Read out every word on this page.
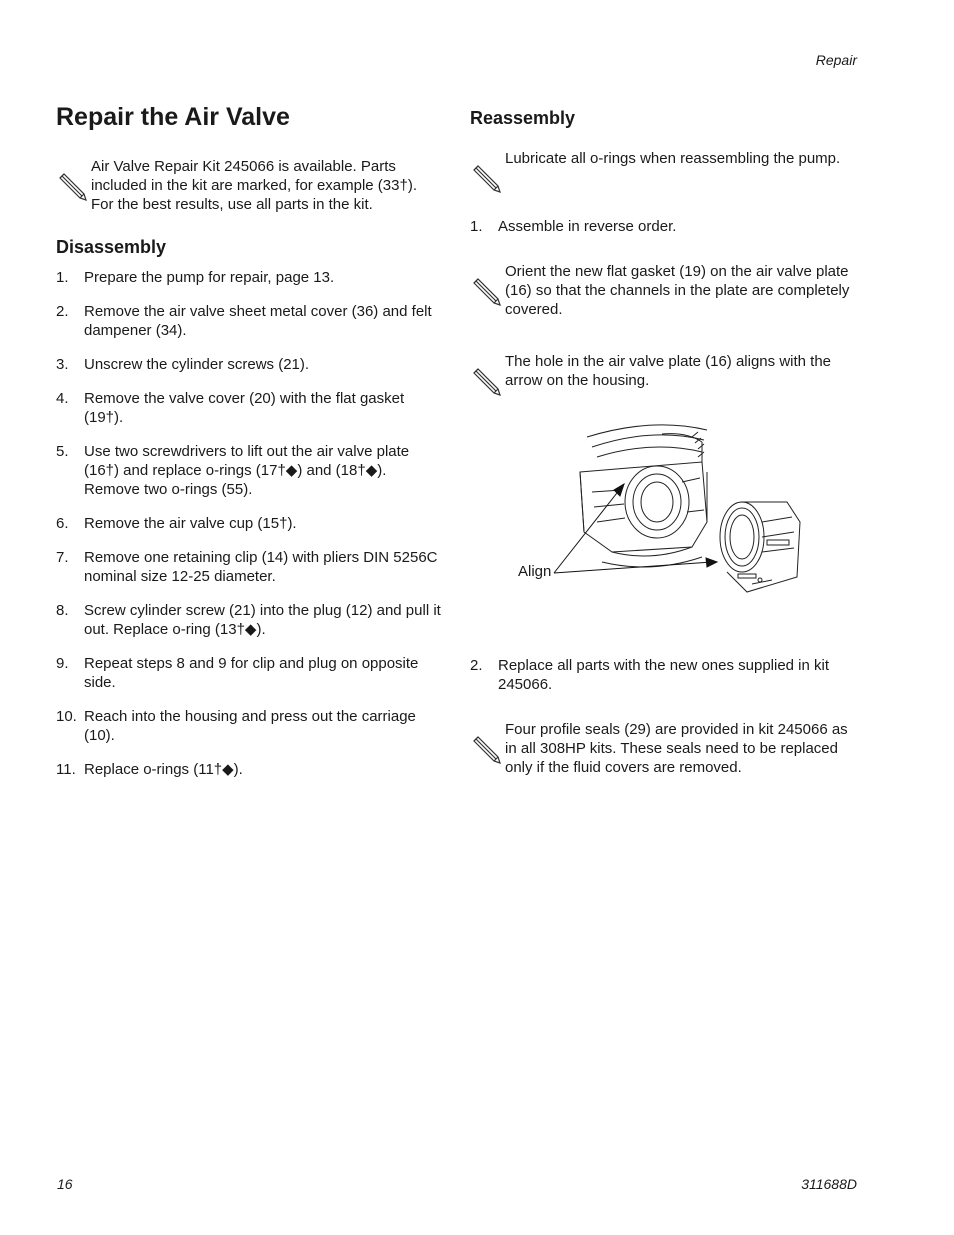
Repair
Repair the Air Valve
Air Valve Repair Kit 245066 is available. Parts included in the kit are marked, for example (33†). For the best results, use all parts in the kit.
Disassembly
1. Prepare the pump for repair, page 13.
2. Remove the air valve sheet metal cover (36) and felt dampener (34).
3. Unscrew the cylinder screws (21).
4. Remove the valve cover (20) with the flat gasket (19†).
5. Use two screwdrivers to lift out the air valve plate (16†) and replace o-rings (17†◆) and (18†◆). Remove two o-rings (55).
6. Remove the air valve cup (15†).
7. Remove one retaining clip (14) with pliers DIN 5256C nominal size 12-25 diameter.
8. Screw cylinder screw (21) into the plug (12) and pull it out. Replace o-ring (13†◆).
9. Repeat steps 8 and 9 for clip and plug on opposite side.
10. Reach into the housing and press out the carriage (10).
11. Replace o-rings (11†◆).
Reassembly
Lubricate all o-rings when reassembling the pump.
1. Assemble in reverse order.
Orient the new flat gasket (19) on the air valve plate (16) so that the channels in the plate are completely covered.
The hole in the air valve plate (16) aligns with the arrow on the housing.
Align
2. Replace all parts with the new ones supplied in kit 245066.
Four profile seals (29) are provided in kit 245066 as in all 308HP kits. These seals need to be replaced only if the fluid covers are removed.
16	311688D
